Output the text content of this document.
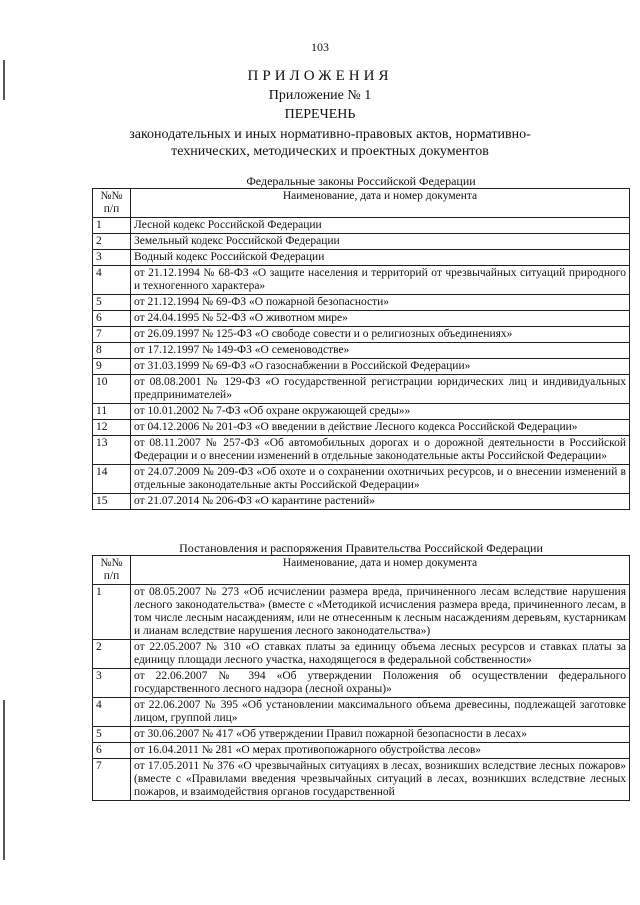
103
ПРИЛОЖЕНИЯ
Приложение № 1
ПЕРЕЧЕНЬ
законодательных и иных нормативно-правовых актов, нормативно-технических, методических и проектных документов
Федеральные законы Российской Федерации
№№ п/п	Наименование, дата и номер документа
1	Лесной кодекс Российской Федерации
2	Земельный кодекс Российской Федерации
3	Водный кодекс Российской Федерации
4	от 21.12.1994 № 68-ФЗ «О защите населения и территорий от чрезвычайных ситуаций природного и техногенного характера»
5	от 21.12.1994 № 69-ФЗ «О пожарной безопасности»
6	от 24.04.1995 № 52-ФЗ «О животном мире»
7	от 26.09.1997 № 125-ФЗ «О свободе совести и о религиозных объединениях»
8	от 17.12.1997 № 149-ФЗ «О семеноводстве»
9	от 31.03.1999 № 69-ФЗ «О газоснабжении в Российской Федерации»
10	от 08.08.2001 № 129-ФЗ «О государственной регистрации юридических лиц и индивидуальных предпринимателей»
11	от 10.01.2002 № 7-ФЗ «Об охране окружающей среды»»
12	от 04.12.2006 № 201-ФЗ «О введении в действие Лесного кодекса Российской Федерации»
13	от 08.11.2007 № 257-ФЗ «Об автомобильных дорогах и о дорожной деятельности в Российской Федерации и о внесении изменений в отдельные законодательные акты Российской Федерации»
14	от 24.07.2009 № 209-ФЗ «Об охоте и о сохранении охотничьих ресурсов, и о внесении изменений в отдельные законодательные акты Российской Федерации»
15	от 21.07.2014 № 206-ФЗ «О карантине растений»
Постановления и распоряжения Правительства Российской Федерации
№№ п/п	Наименование, дата и номер документа
1	от 08.05.2007 № 273 «Об исчислении размера вреда, причиненного лесам вследствие нарушения лесного законодательства» (вместе с «Методикой исчисления размера вреда, причиненного лесам, в том числе лесным насаждениям, или не отнесенным к лесным насаждениям деревьям, кустарникам и лианам вследствие нарушения лесного законодательства»)
2	от 22.05.2007 № 310 «О ставках платы за единицу объема лесных ресурсов и ставках платы за единицу площади лесного участка, находящегося в федеральной собственности»
3	от 22.06.2007 № 394 «Об утверждении Положения об осуществлении федерального государственного лесного надзора (лесной охраны)»
4	от 22.06.2007 № 395 «Об установлении максимального объема древесины, подлежащей заготовке лицом, группой лиц»
5	от 30.06.2007 № 417 «Об утверждении Правил пожарной безопасности в лесах»
6	от 16.04.2011 № 281 «О мерах противопожарного обустройства лесов»
7	от 17.05.2011 № 376 «О чрезвычайных ситуациях в лесах, возникших вследствие лесных пожаров» (вместе с «Правилами введения чрезвычайных ситуаций в лесах, возникших вследствие лесных пожаров, и взаимодействия органов государственной
